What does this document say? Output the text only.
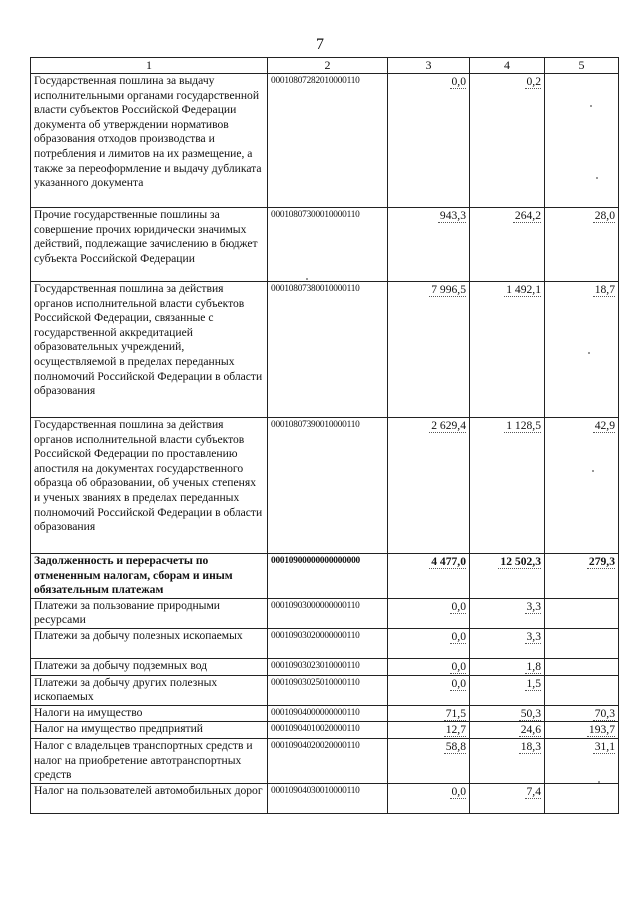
7
1	2	3	4	5
Государственная пошлина за выдачу исполнительными органами государственной власти субъектов Российской Федерации документа об утверждении нормативов образования отходов производства и потребления и лимитов на их размещение, а также за переоформление и выдачу дубликата указанного документа	00010807282010000110	0,0	0,2	
Прочие государственные пошлины за совершение прочих юридически значимых действий, подлежащие зачислению в бюджет субъекта Российской Федерации	00010807300010000110	943,3	264,2	28,0
Государственная пошлина за действия органов исполнительной власти субъектов Российской Федерации, связанные с государственной аккредитацией образовательных учреждений, осуществляемой в пределах переданных полномочий Российской Федерации в области образования	00010807380010000110	7 996,5	1 492,1	18,7
Государственная пошлина за действия органов исполнительной власти субъектов Российской Федерации по проставлению апостиля на документах государственного образца об образовании, об ученых степенях и ученых званиях в пределах переданных полномочий Российской Федерации в области образования	00010807390010000110	2 629,4	1 128,5	42,9
Задолженность и перерасчеты по отмененным налогам, сборам и иным обязательным платежам	00010900000000000000	4 477,0	12 502,3	279,3
Платежи за пользование природными ресурсами	00010903000000000110	0,0	3,3	
Платежи за добычу полезных ископаемых	00010903020000000110	0,0	3,3	
Платежи за добычу подземных вод	00010903023010000110	0,0	1,8	
Платежи за добычу других полезных ископаемых	00010903025010000110	0,0	1,5	
Налоги на имущество	00010904000000000110	71,5	50,3	70,3
Налог на имущество предприятий	00010904010020000110	12,7	24,6	193,7
Налог с владельцев транспортных средств и налог на приобретение автотранспортных средств	00010904020020000110	58,8	18,3	31,1
Налог на пользователей автомобильных дорог	00010904030010000110	0,0	7,4	
